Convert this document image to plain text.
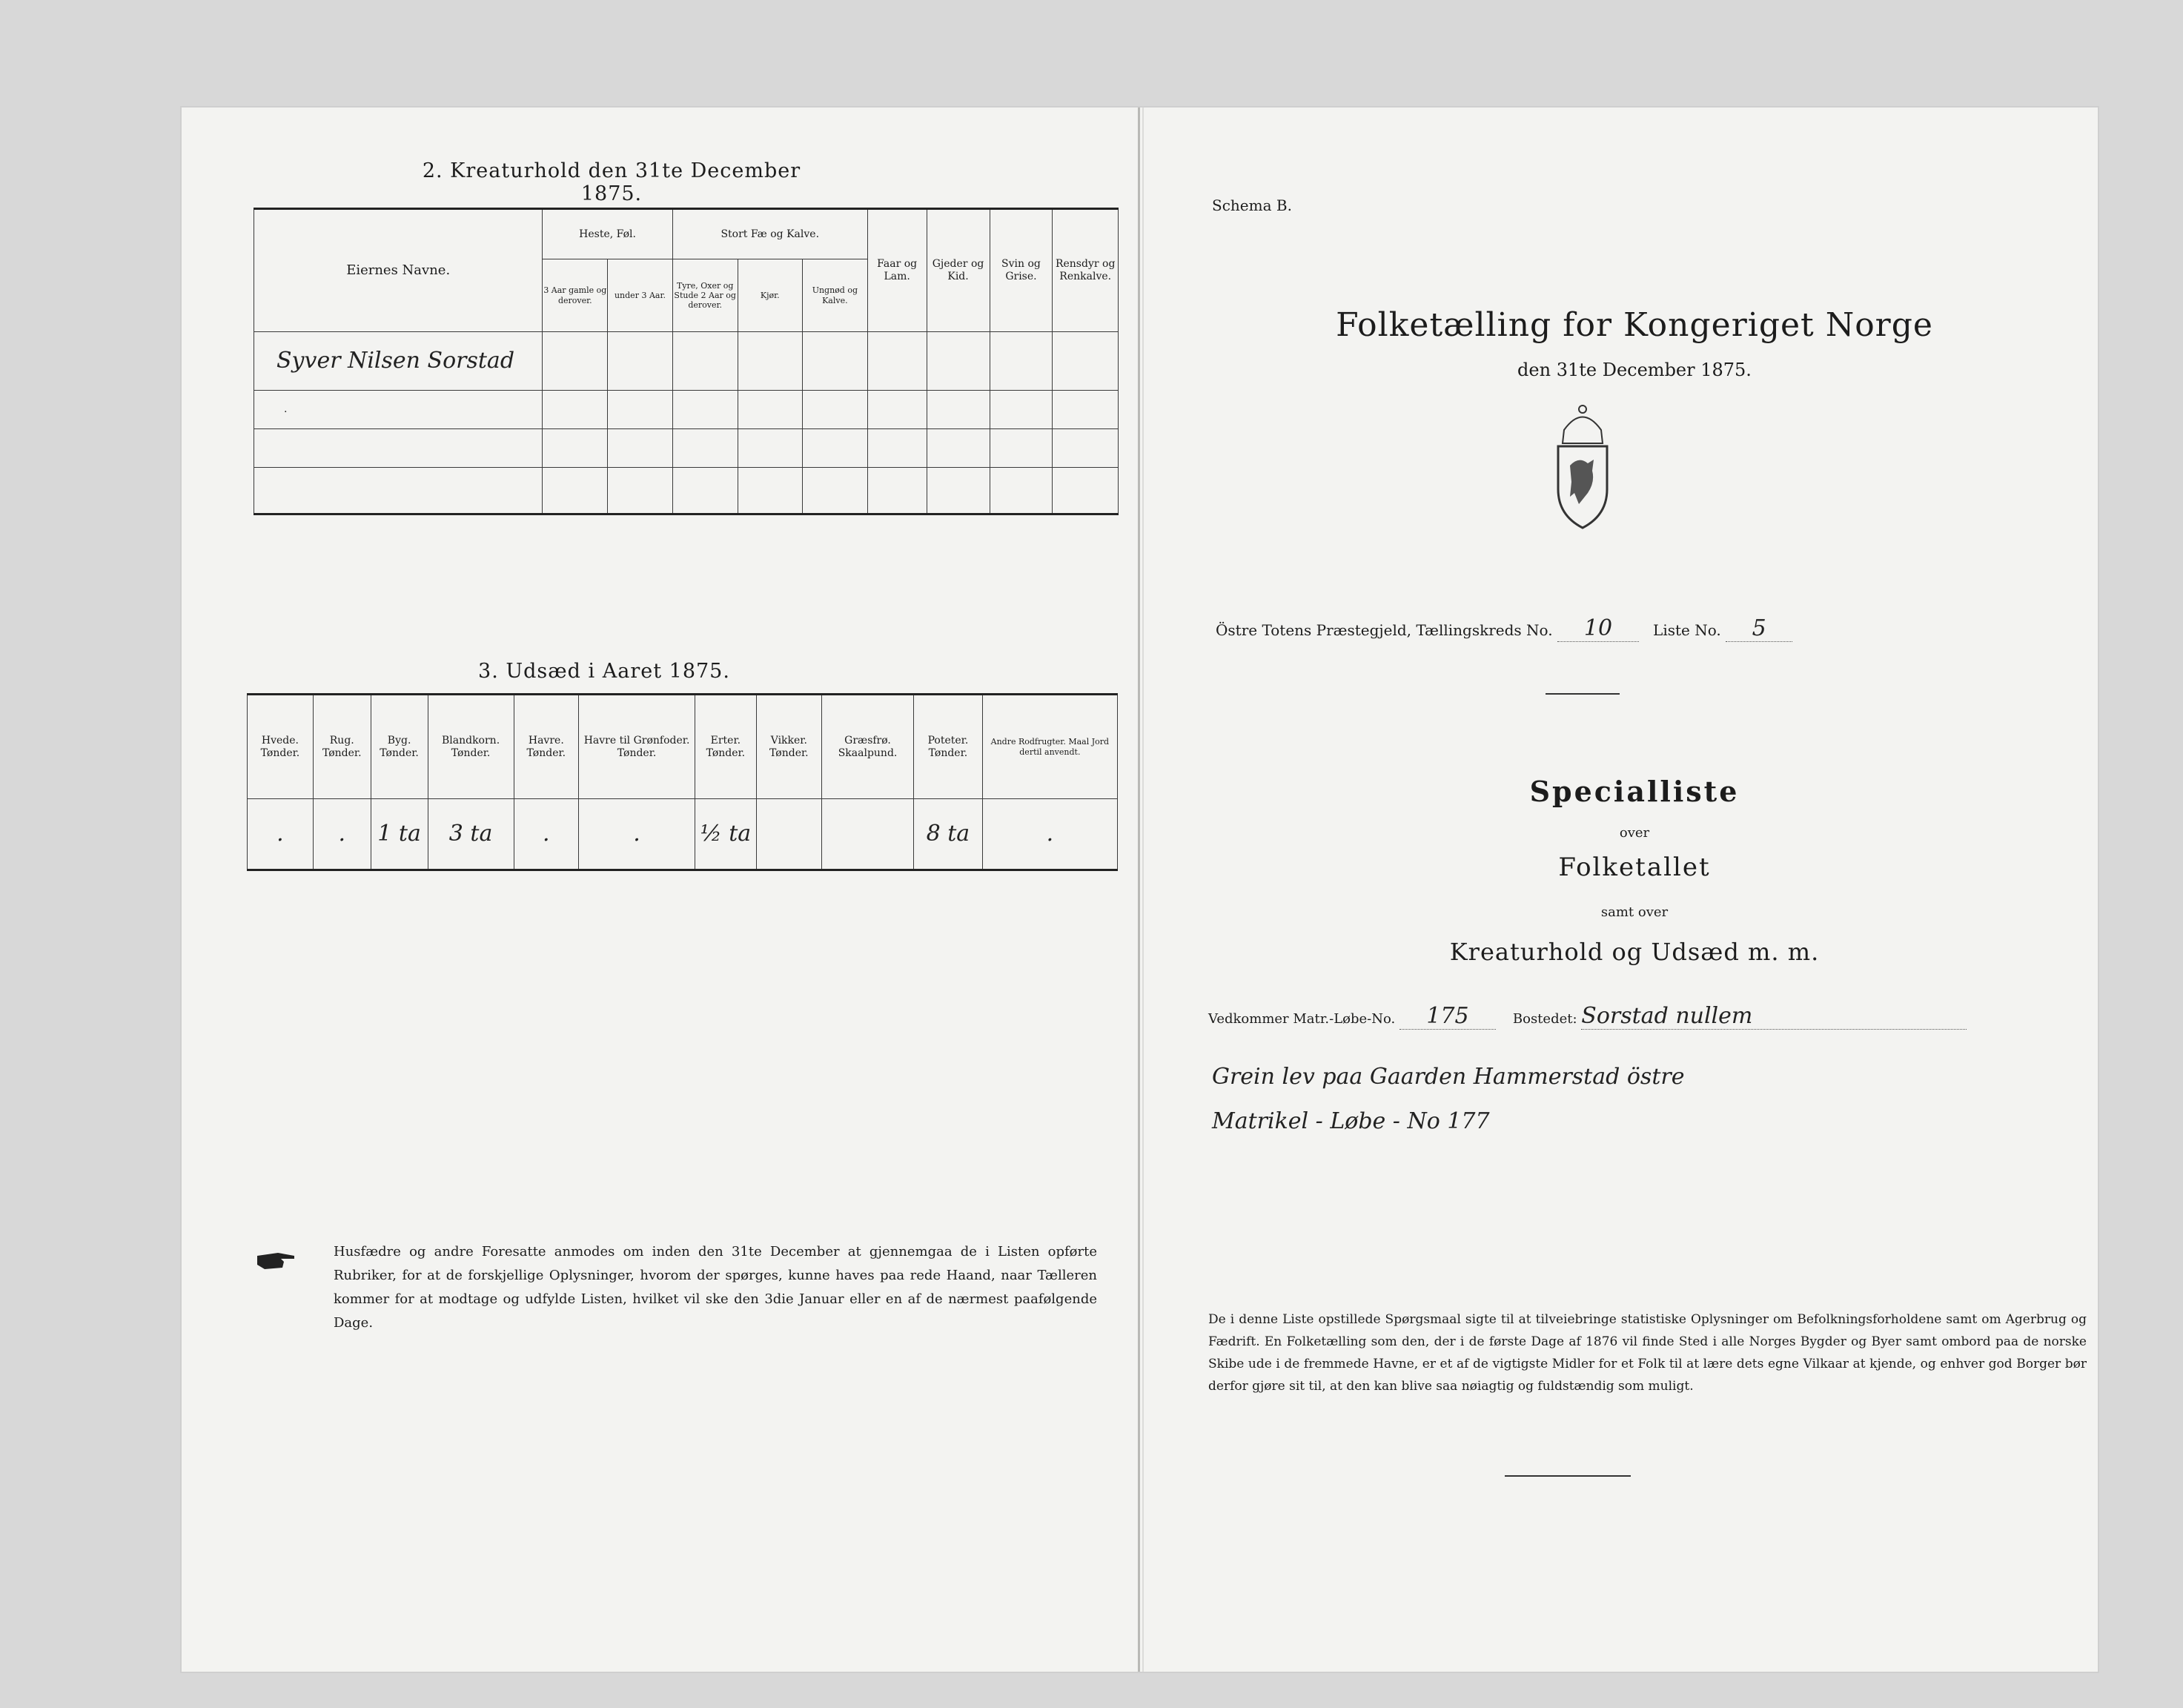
2. Kreaturhold den 31te December 1875.
Eiernes Navne.	Heste, Føl.		Stort Fæ og Kalve.			Faar og Lam.	Gjeder og Kid.	Svin og Grise.	Rensdyr og Renkalve.
	3 Aar gamle og derover.	under 3 Aar.	Tyre, Oxer og Stude 2 Aar og derover.	Kjør.	Ungnød og Kalve.				
Syver Nilsen Sorstad									
.									

3. Udsæd i Aaret 1875.
Hvede. Tønder.	Rug. Tønder.	Byg. Tønder.	Blandkorn. Tønder.	Havre. Tønder.	Havre til Grønfoder. Tønder.	Erter. Tønder.	Vikker. Tønder.	Græsfrø. Skaalpund.	Poteter. Tønder.	Andre Rodfrugter. Maal Jord dertil anvendt.
.	.	1 ta	3 ta	.	.	½ ta			8 ta	.
Husfædre og andre Foresatte anmodes om inden den 31te December at gjennemgaa de i Listen opførte Rubriker, for at de forskjellige Oplysninger, hvorom der spørges, kunne haves paa rede Haand, naar Tælleren kommer for at modtage og udfylde Listen, hvilket vil ske den 3die Januar eller en af de nærmest paafølgende Dage.
Schema B.
Folketælling for Kongeriget Norge
den 31te December 1875.
Östre Totens Præstegjeld, Tællingskreds No. 10	Liste No. 5
Specialliste
over
Folketallet
samt over
Kreaturhold og Udsæd m. m.
Vedkommer Matr.-Løbe-No. 175	Bostedet: Sorstad nullem
Grein lev paa Gaarden Hammerstad östre
Matrikel - Løbe - No 177
De i denne Liste opstillede Spørgsmaal sigte til at tilveiebringe statistiske Oplysninger om Befolkningsforholdene samt om Agerbrug og Fædrift. En Folketælling som den, der i de første Dage af 1876 vil finde Sted i alle Norges Bygder og Byer samt ombord paa de norske Skibe ude i de fremmede Havne, er et af de vigtigste Midler for et Folk til at lære dets egne Vilkaar at kjende, og enhver god Borger bør derfor gjøre sit til, at den kan blive saa nøiagtig og fuldstændig som muligt.
